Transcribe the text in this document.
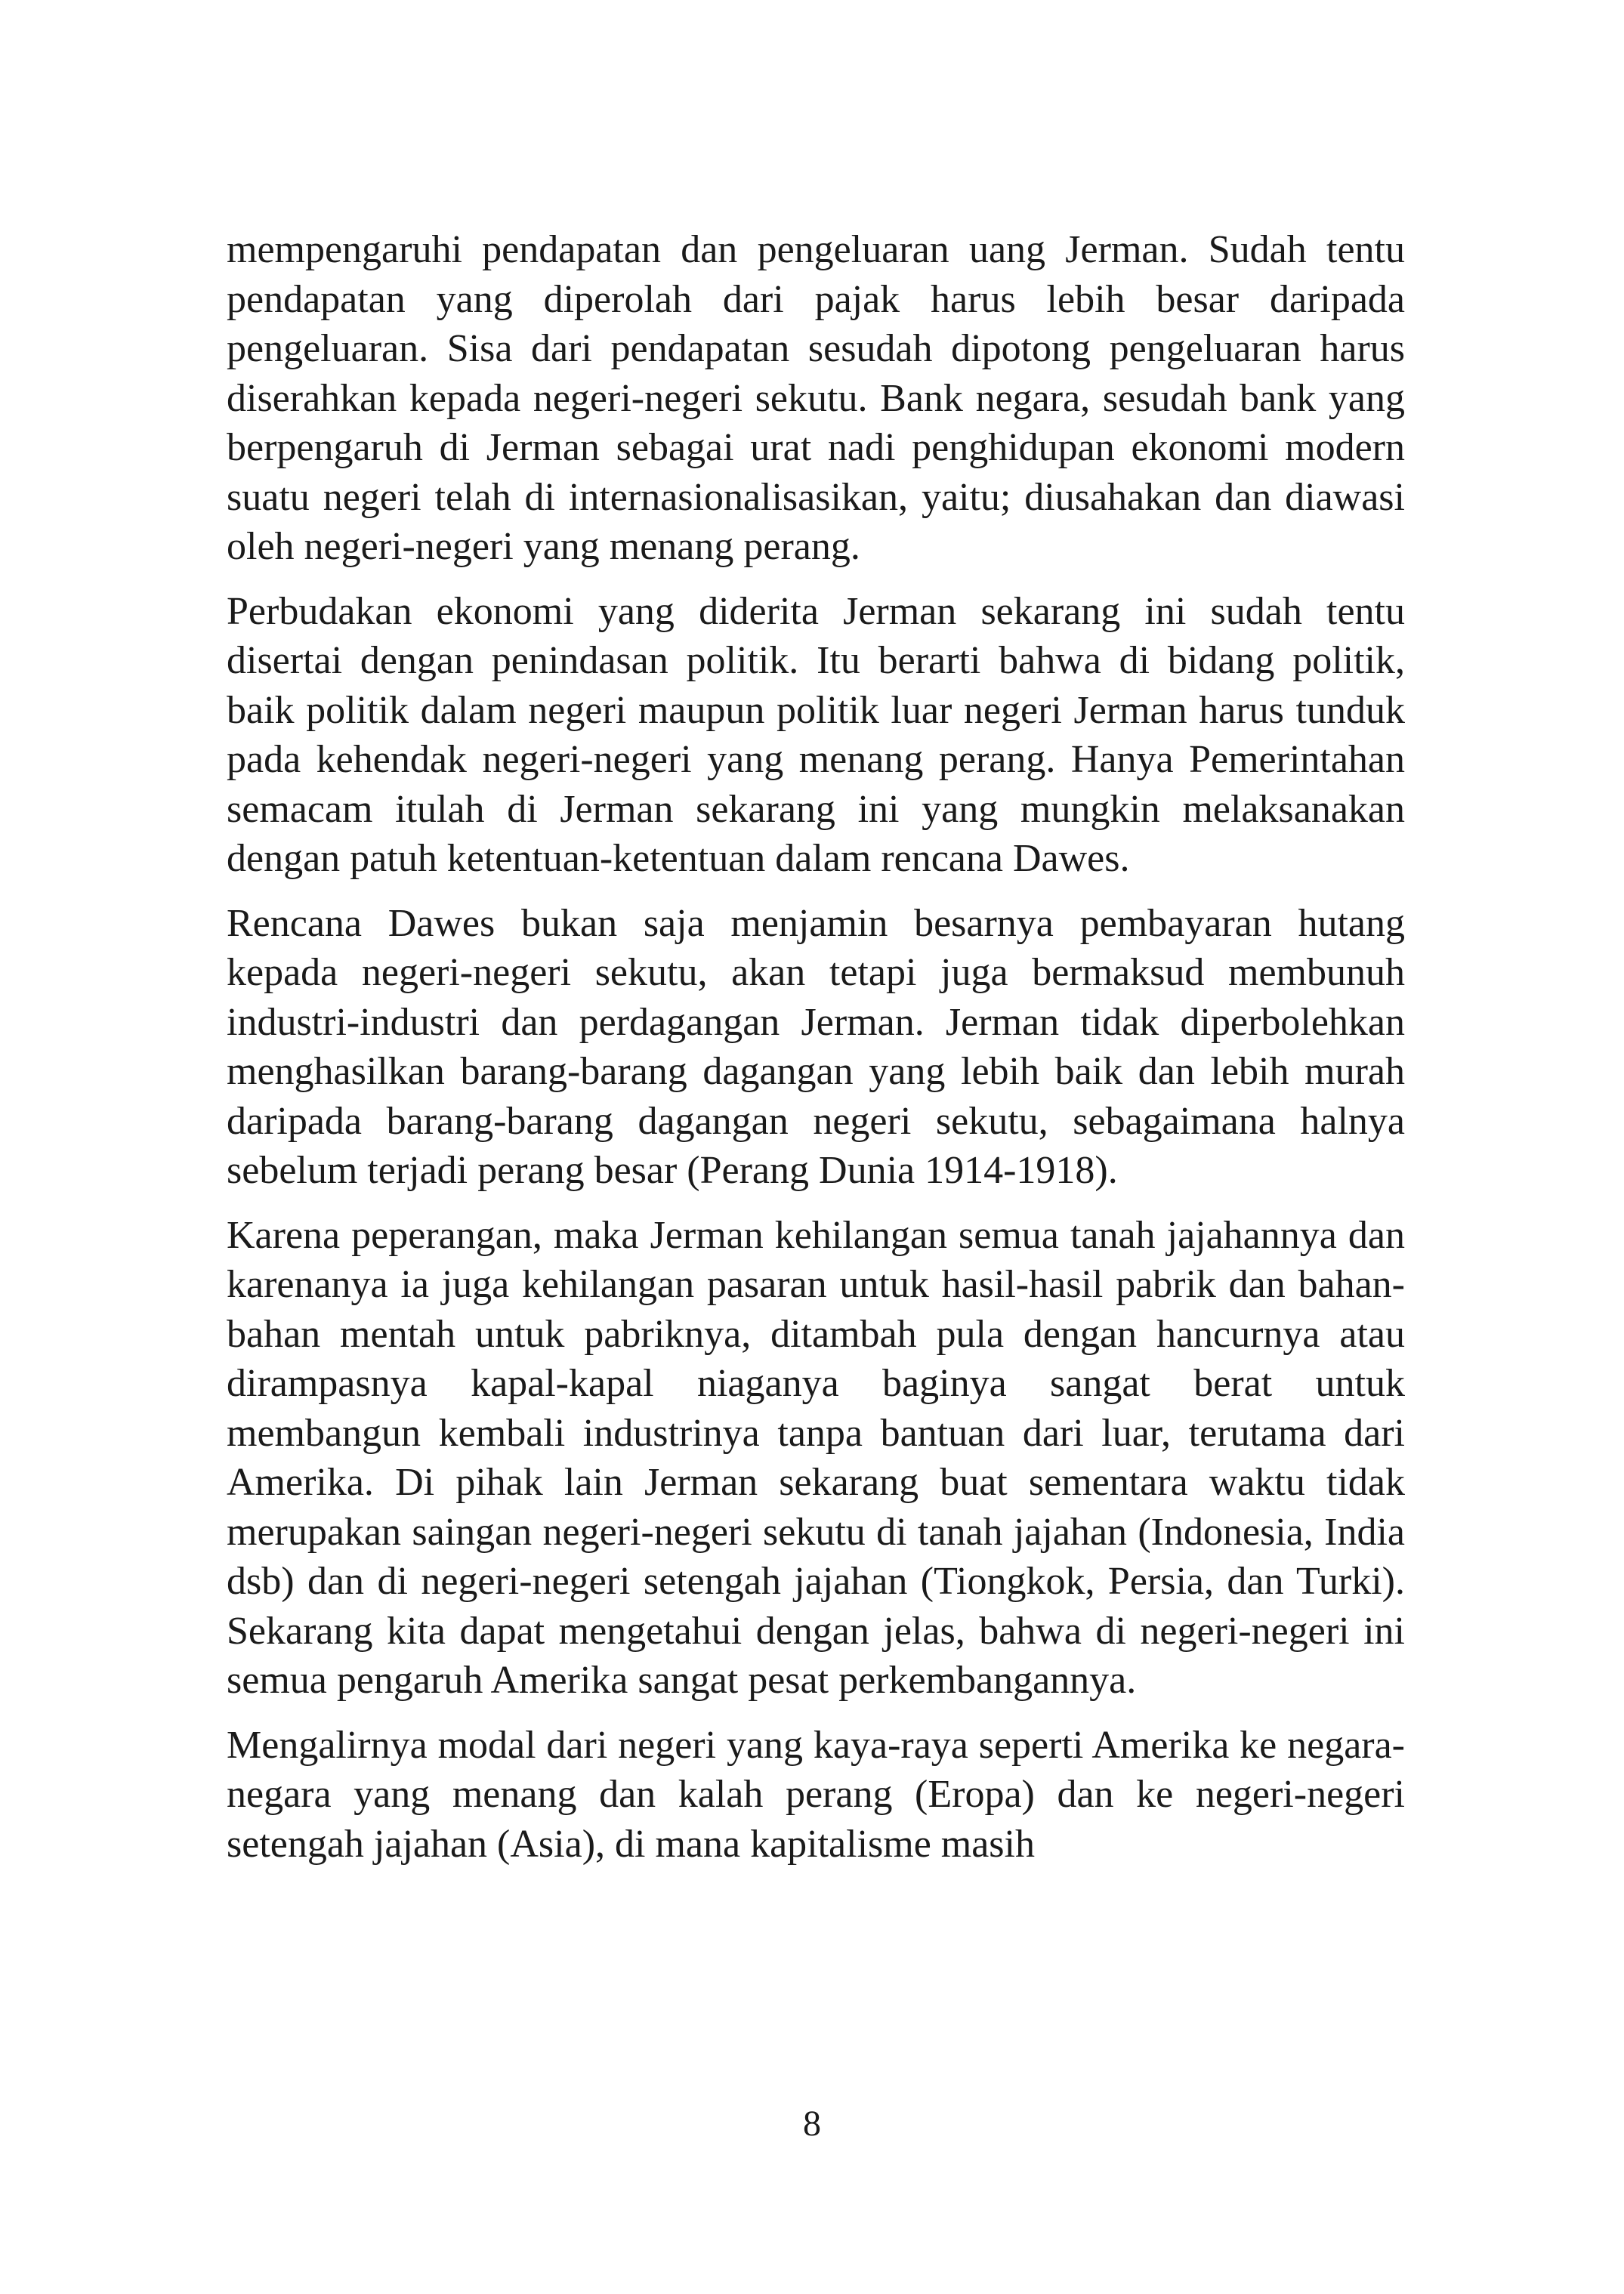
mempengaruhi pendapatan dan pengeluaran uang Jerman. Sudah tentu pendapatan yang diperolah dari pajak harus lebih besar daripada pengeluaran. Sisa dari pendapatan sesudah dipotong pengeluaran harus diserahkan kepada negeri-negeri sekutu. Bank negara, sesudah bank yang berpengaruh di Jerman sebagai urat nadi penghidupan ekonomi modern suatu negeri telah di internasionalisasikan, yaitu; diusahakan dan diawasi oleh negeri-negeri yang menang perang.

Perbudakan ekonomi yang diderita Jerman sekarang ini sudah tentu disertai dengan penindasan politik. Itu berarti bahwa di bidang politik, baik politik dalam negeri maupun politik luar negeri Jerman harus tunduk pada kehendak negeri-negeri yang menang perang. Hanya Pemerintahan semacam itulah di Jerman sekarang ini yang mungkin melaksanakan dengan patuh ketentuan-ketentuan dalam rencana Dawes.

Rencana Dawes bukan saja menjamin besarnya pembayaran hutang kepada negeri-negeri sekutu, akan tetapi juga bermaksud membunuh industri-industri dan perdagangan Jerman. Jerman tidak diperbolehkan menghasilkan barang-barang dagangan yang lebih baik dan lebih murah daripada barang-barang dagangan negeri sekutu, sebagaimana halnya sebelum terjadi perang besar (Perang Dunia 1914-1918).

Karena peperangan, maka Jerman kehilangan semua tanah jajahannya dan karenanya ia juga kehilangan pasaran untuk hasil-hasil pabrik dan bahan-bahan mentah untuk pabriknya, ditambah pula dengan hancurnya atau dirampasnya kapal-kapal niaganya baginya sangat berat untuk membangun kembali industrinya tanpa bantuan dari luar, terutama dari Amerika. Di pihak lain Jerman sekarang buat sementara waktu tidak merupakan saingan negeri-negeri sekutu di tanah jajahan (Indonesia, India dsb) dan di negeri-negeri setengah jajahan (Tiongkok, Persia, dan Turki). Sekarang kita dapat mengetahui dengan jelas, bahwa di negeri-negeri ini semua pengaruh Amerika sangat pesat perkembangannya.

Mengalirnya modal dari negeri yang kaya-raya seperti Amerika ke negara-negara yang menang dan kalah perang (Eropa) dan ke negeri-negeri setengah jajahan (Asia), di mana kapitalisme masih

8
